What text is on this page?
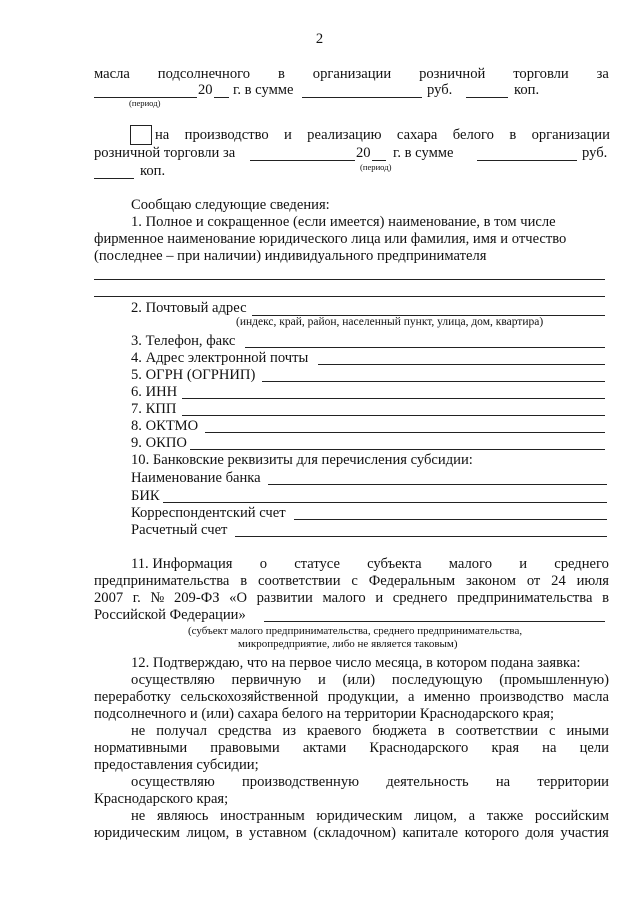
2
масла подсолнечного в организации розничной торговли за
20 г. в сумме	руб.	коп.
(период)
на производство и реализацию сахара белого в организации
розничной торговли за	20 г. в сумме	руб.
(период)
коп.
Сообщаю следующие сведения:
1. Полное и сокращенное (если имеется) наименование, в том числе
фирменное наименование юридического лица или фамилия, имя и отчество
(последнее – при наличии) индивидуального предпринимателя
2. Почтовый адрес
(индекс, край, район, населенный пункт, улица, дом, квартира)
3. Телефон, факс
4. Адрес электронной почты
5. ОГРН (ОГРНИП)
6. ИНН
7. КПП
8. ОКТМО
9. ОКПО
10. Банковские реквизиты для перечисления субсидии:
Наименование банка
БИК
Корреспондентский счет
Расчетный счет
11. Информация о статусе субъекта малого и среднего
предпринимательства в соответствии с Федеральным законом от 24 июля
2007 г. № 209-ФЗ «О развитии малого и среднего предпринимательства в
Российской Федерации»
(субъект малого предпринимательства, среднего предпринимательства,
микропредприятие, либо не является таковым)
12. Подтверждаю, что на первое число месяца, в котором подана заявка:
осуществляю первичную и (или) последующую (промышленную)
переработку сельскохозяйственной продукции, а именно производство масла
подсолнечного и (или) сахара белого на территории Краснодарского края;
не получал средства из краевого бюджета в соответствии с иными
нормативными правовыми актами Краснодарского края на цели
предоставления субсидии;
осуществляю производственную деятельность на территории
Краснодарского края;
не являюсь иностранным юридическим лицом, а также российским
юридическим лицом, в уставном (складочном) капитале которого доля участия
